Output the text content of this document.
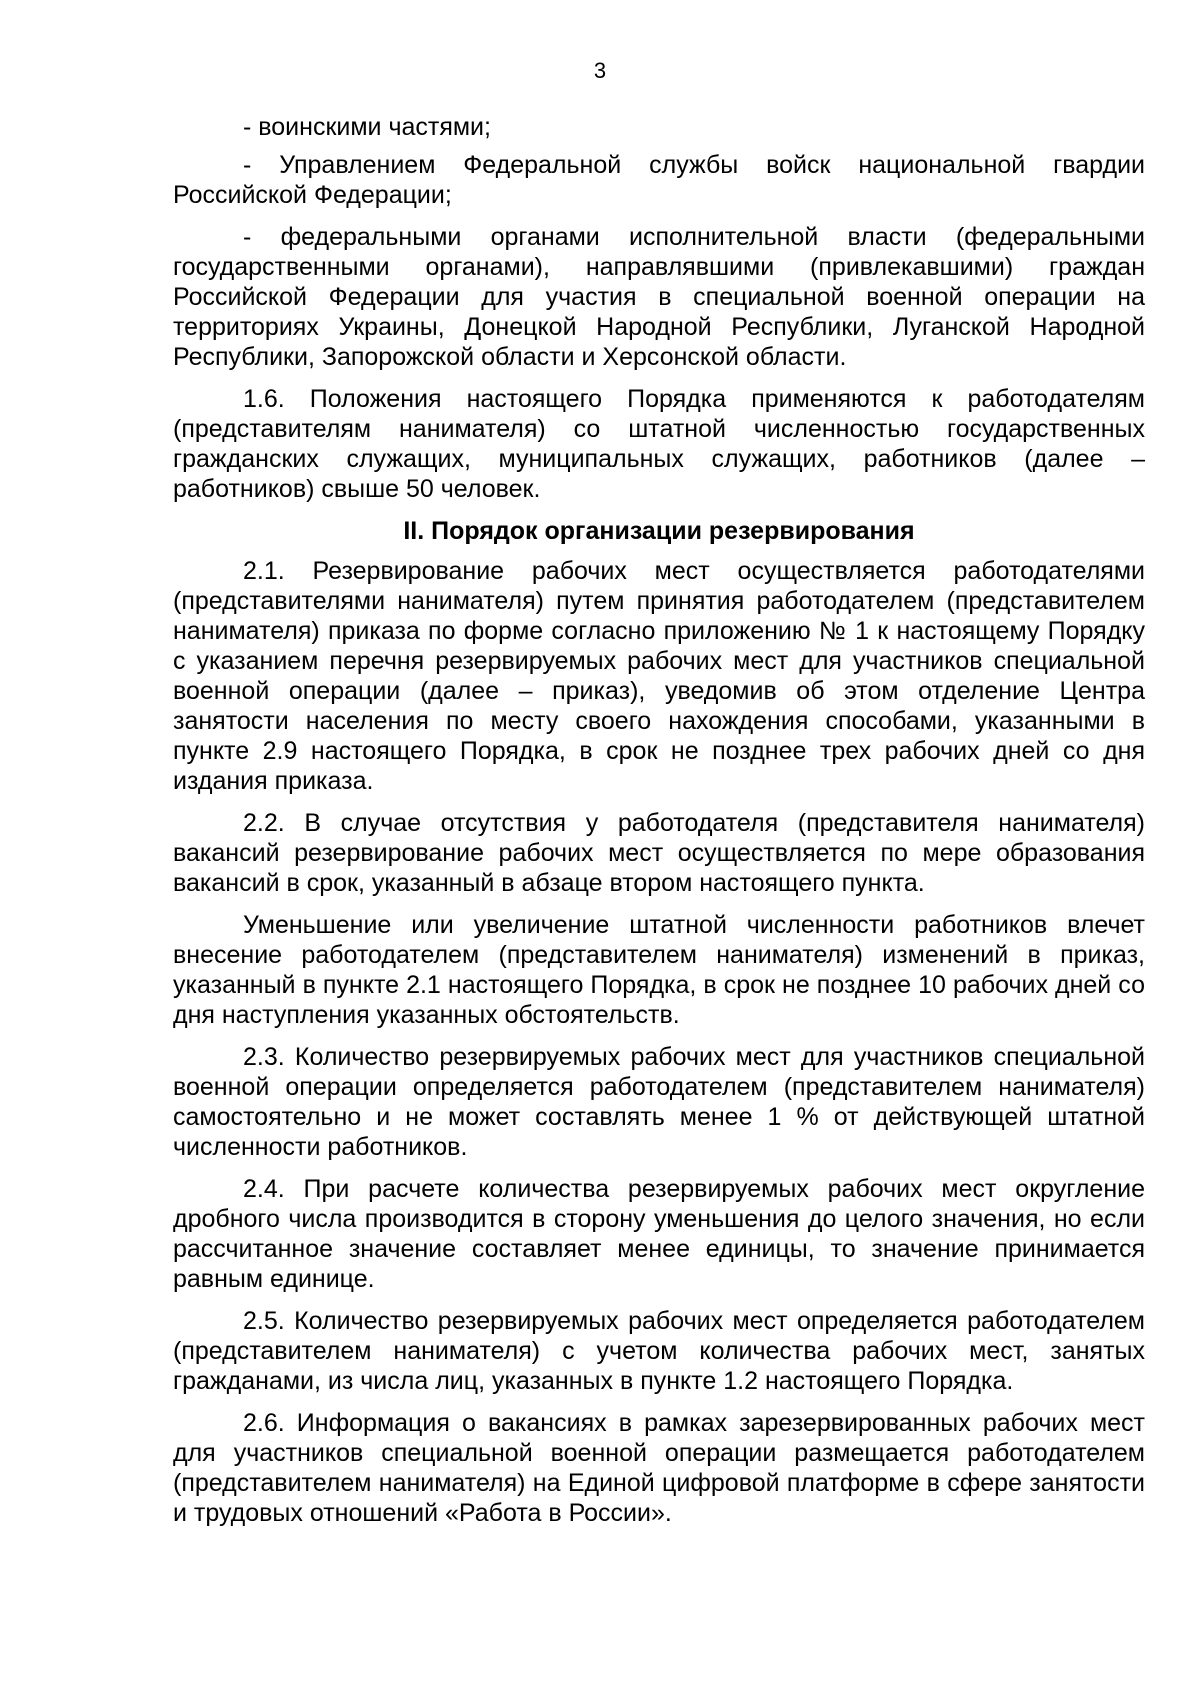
3

- воинскими частями;

- Управлением Федеральной службы войск национальной гвардии Российской Федерации;

- федеральными органами исполнительной власти (федеральными государственными органами), направлявшими (привлекавшими) граждан Российской Федерации для участия в специальной военной операции на территориях Украины, Донецкой Народной Республики, Луганской Народной Республики, Запорожской области и Херсонской области.

1.6. Положения настоящего Порядка применяются к работодателям (представителям нанимателя) со штатной численностью государственных гражданских служащих, муниципальных служащих, работников (далее – работников) свыше 50 человек.

II. Порядок организации резервирования

2.1. Резервирование рабочих мест осуществляется работодателями (представителями нанимателя) путем принятия работодателем (представителем нанимателя) приказа по форме согласно приложению № 1 к настоящему Порядку с указанием перечня резервируемых рабочих мест для участников специальной военной операции (далее – приказ), уведомив об этом отделение Центра занятости населения по месту своего нахождения способами, указанными в пункте 2.9 настоящего Порядка, в срок не позднее трех рабочих дней со дня издания приказа.

2.2. В случае отсутствия у работодателя (представителя нанимателя) вакансий резервирование рабочих мест осуществляется по мере образования вакансий в срок, указанный в абзаце втором настоящего пункта.

Уменьшение или увеличение штатной численности работников влечет внесение работодателем (представителем нанимателя) изменений в приказ, указанный в пункте 2.1 настоящего Порядка, в срок не позднее 10 рабочих дней со дня наступления указанных обстоятельств.

2.3. Количество резервируемых рабочих мест для участников специальной военной операции определяется работодателем (представителем нанимателя) самостоятельно и не может составлять менее 1 % от действующей штатной численности работников.

2.4. При расчете количества резервируемых рабочих мест округление дробного числа производится в сторону уменьшения до целого значения, но если рассчитанное значение составляет менее единицы, то значение принимается равным единице.

2.5. Количество резервируемых рабочих мест определяется работодателем (представителем нанимателя) с учетом количества рабочих мест, занятых гражданами, из числа лиц, указанных в пункте 1.2 настоящего Порядка.

2.6. Информация о вакансиях в рамках зарезервированных рабочих мест для участников специальной военной операции размещается работодателем (представителем нанимателя) на Единой цифровой платформе в сфере занятости и трудовых отношений «Работа в России».
